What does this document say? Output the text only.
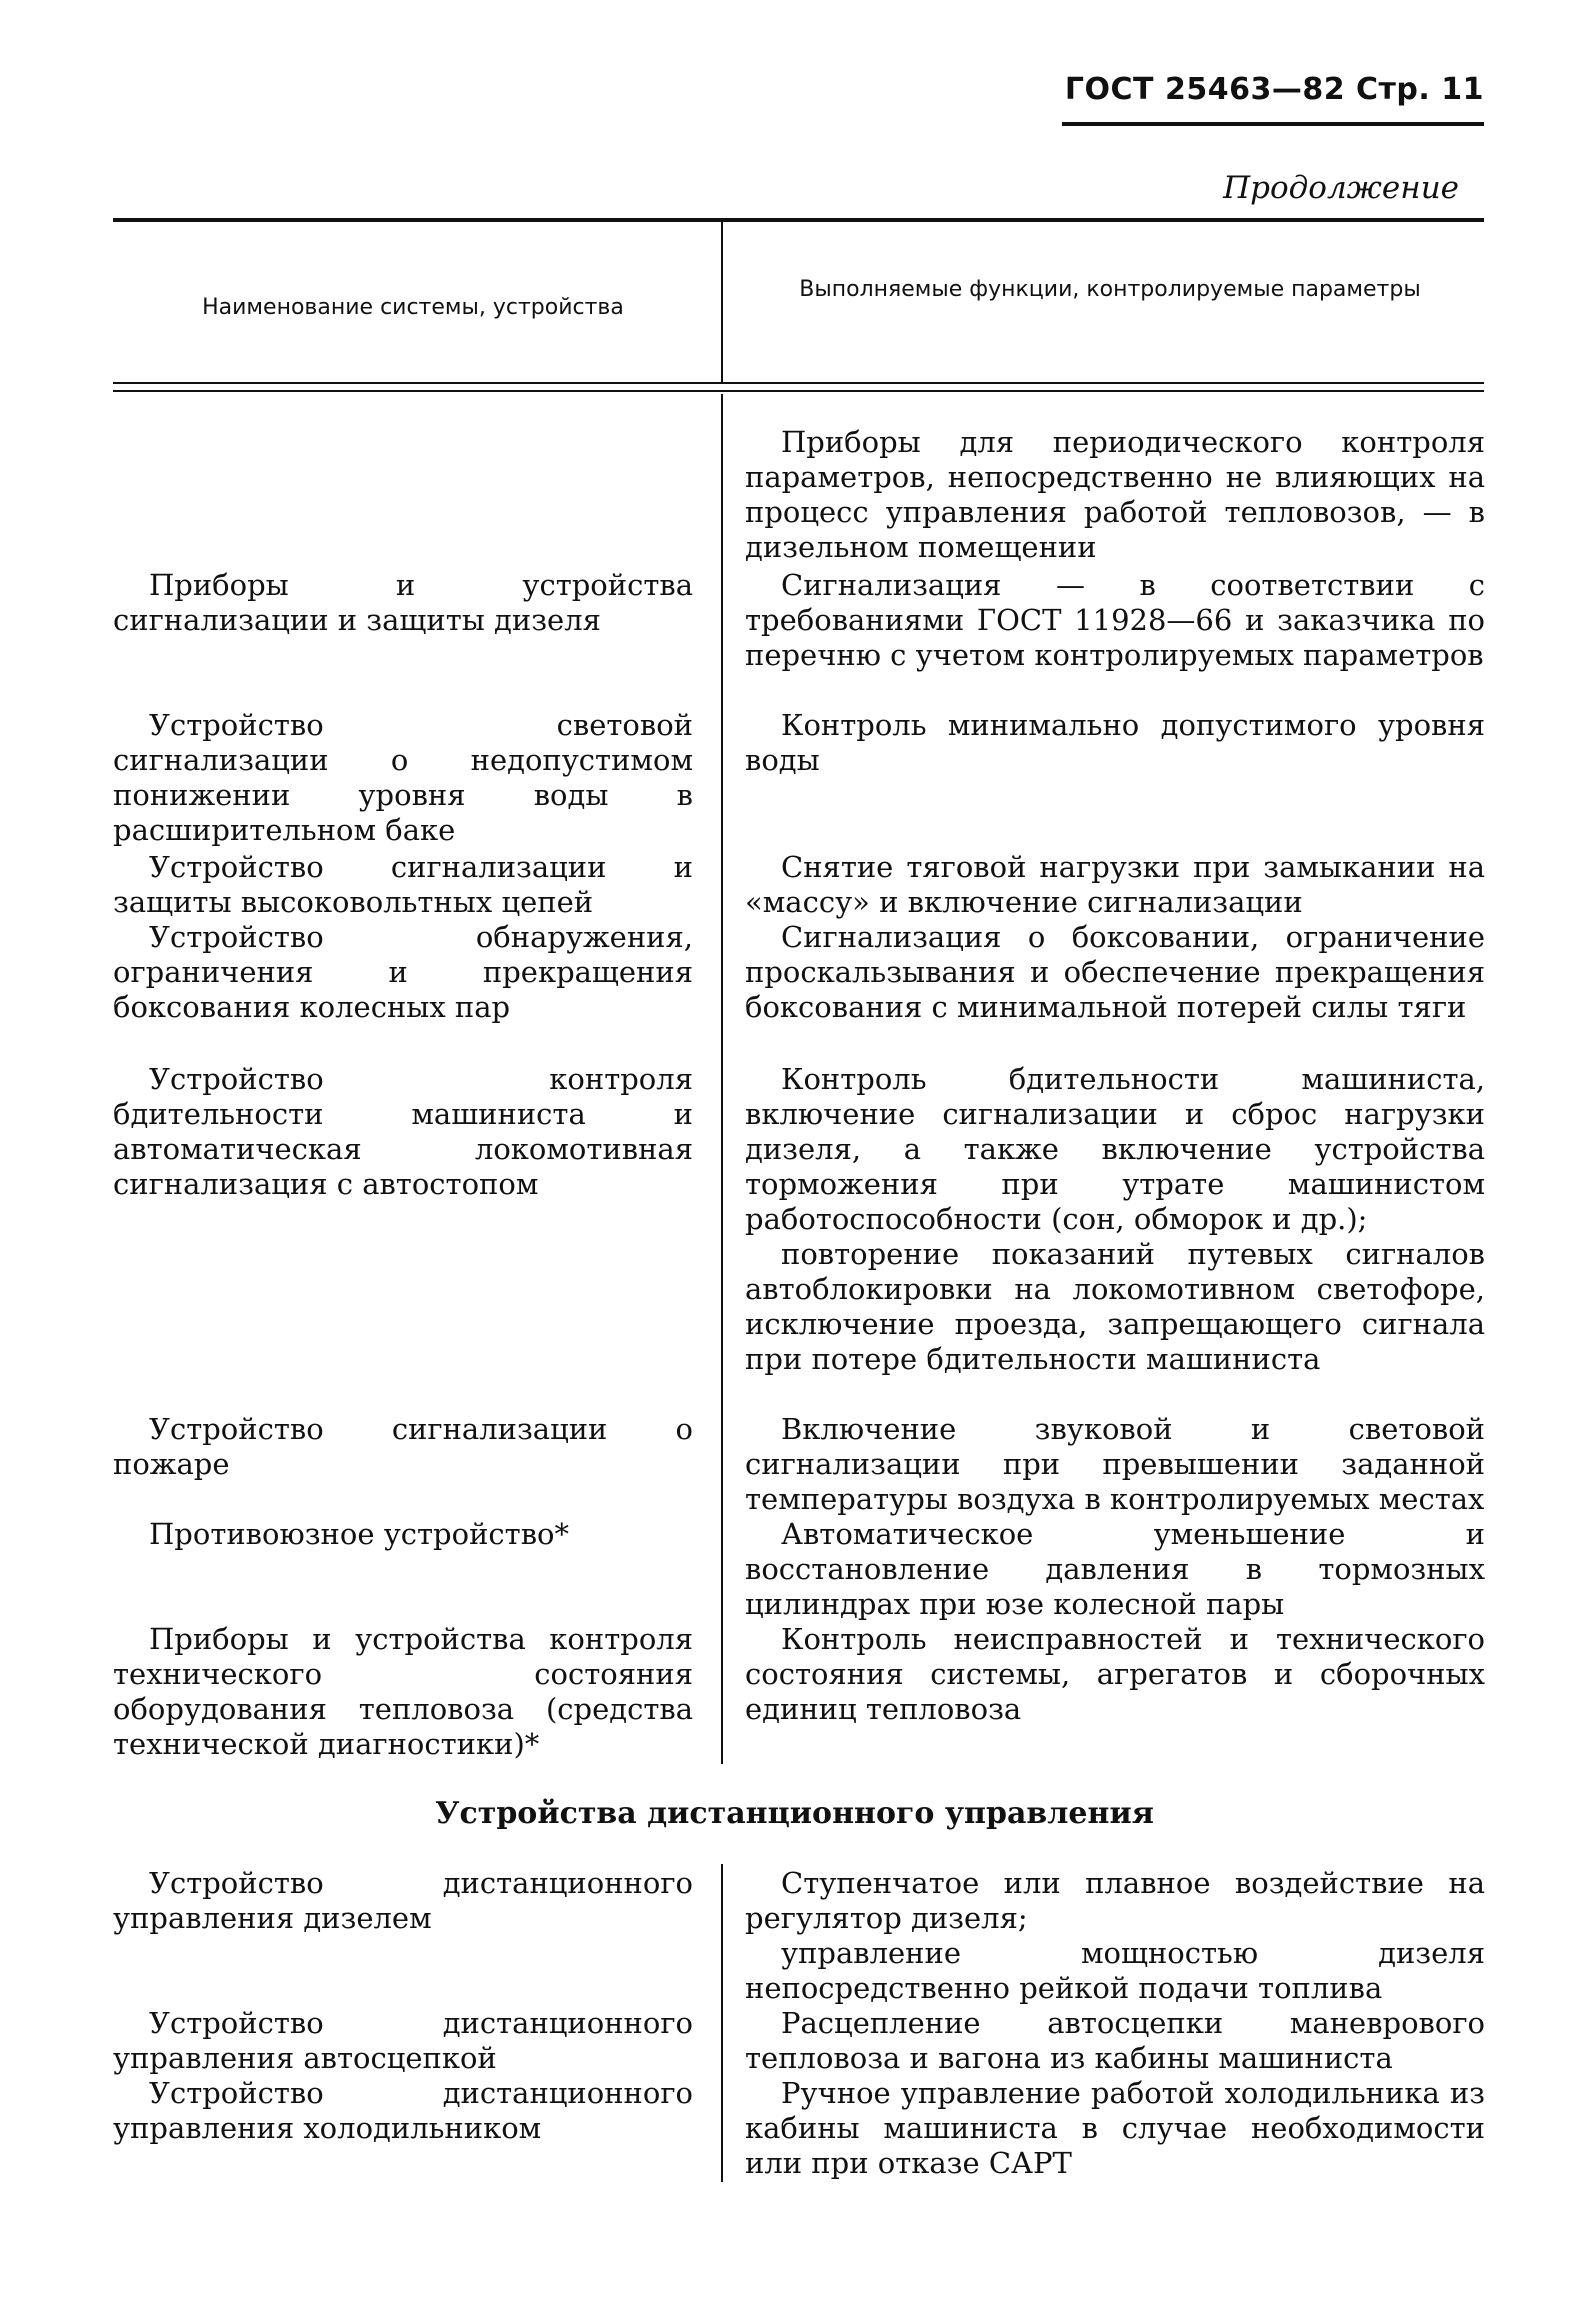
ГОСТ 25463—82 Стр. 11
Продолжение
Наименование системы, устройства
Выполняемые функции, контролируемые параметры
Приборы для периодического контроля параметров, непосредственно не влияющих на процесс управления работой тепловозов, — в дизельном помещении
Приборы и устройства сигнализации и защиты дизеля
Сигнализация — в соответствии с требованиями ГОСТ 11928—66 и заказчика по перечню с учетом контролируемых параметров
Устройство световой сигнализации о недопустимом понижении уровня воды в расширительном баке
Контроль минимально допустимого уровня воды
Устройство сигнализации и защиты высоковольтных цепей
Снятие тяговой нагрузки при замыкании на «массу» и включение сигнализации
Устройство обнаружения, ограничения и прекращения боксования колесных пар
Сигнализация о боксовании, ограничение проскальзывания и обеспечение прекращения боксования с минимальной потерей силы тяги
Устройство контроля бдительности машиниста и автоматическая локомотивная сигнализация с автостопом
Контроль бдительности машиниста, включение сигнализации и сброс нагрузки дизеля, а также включение устройства торможения при утрате машинистом работоспособности (сон, обморок и др.);
повторение показаний путевых сигналов автоблокировки на локомотивном светофоре, исключение проезда, запрещающего сигнала при потере бдительности машиниста
Устройство сигнализации о пожаре
Включение звуковой и световой сигнализации при превышении заданной температуры воздуха в контролируемых местах
Противоюзное устройство*	Автоматическое уменьшение и восстановление давления в тормозных цилиндрах при юзе колесной пары
Приборы и устройства контроля технического состояния оборудования тепловоза (средства технической диагностики)*
Контроль неисправностей и технического состояния системы, агрегатов и сборочных единиц тепловоза
Устройства дистанционного управления
Устройство дистанционного управления дизелем
Ступенчатое или плавное воздействие на регулятор дизеля;
управление мощностью дизеля непосредственно рейкой подачи топлива
Устройство дистанционного управления автосцепкой
Расцепление автосцепки маневрового тепловоза и вагона из кабины машиниста
Устройство дистанционного управления холодильником
Ручное управление работой холодильника из кабины машиниста в случае необходимости или при отказе САРТ
